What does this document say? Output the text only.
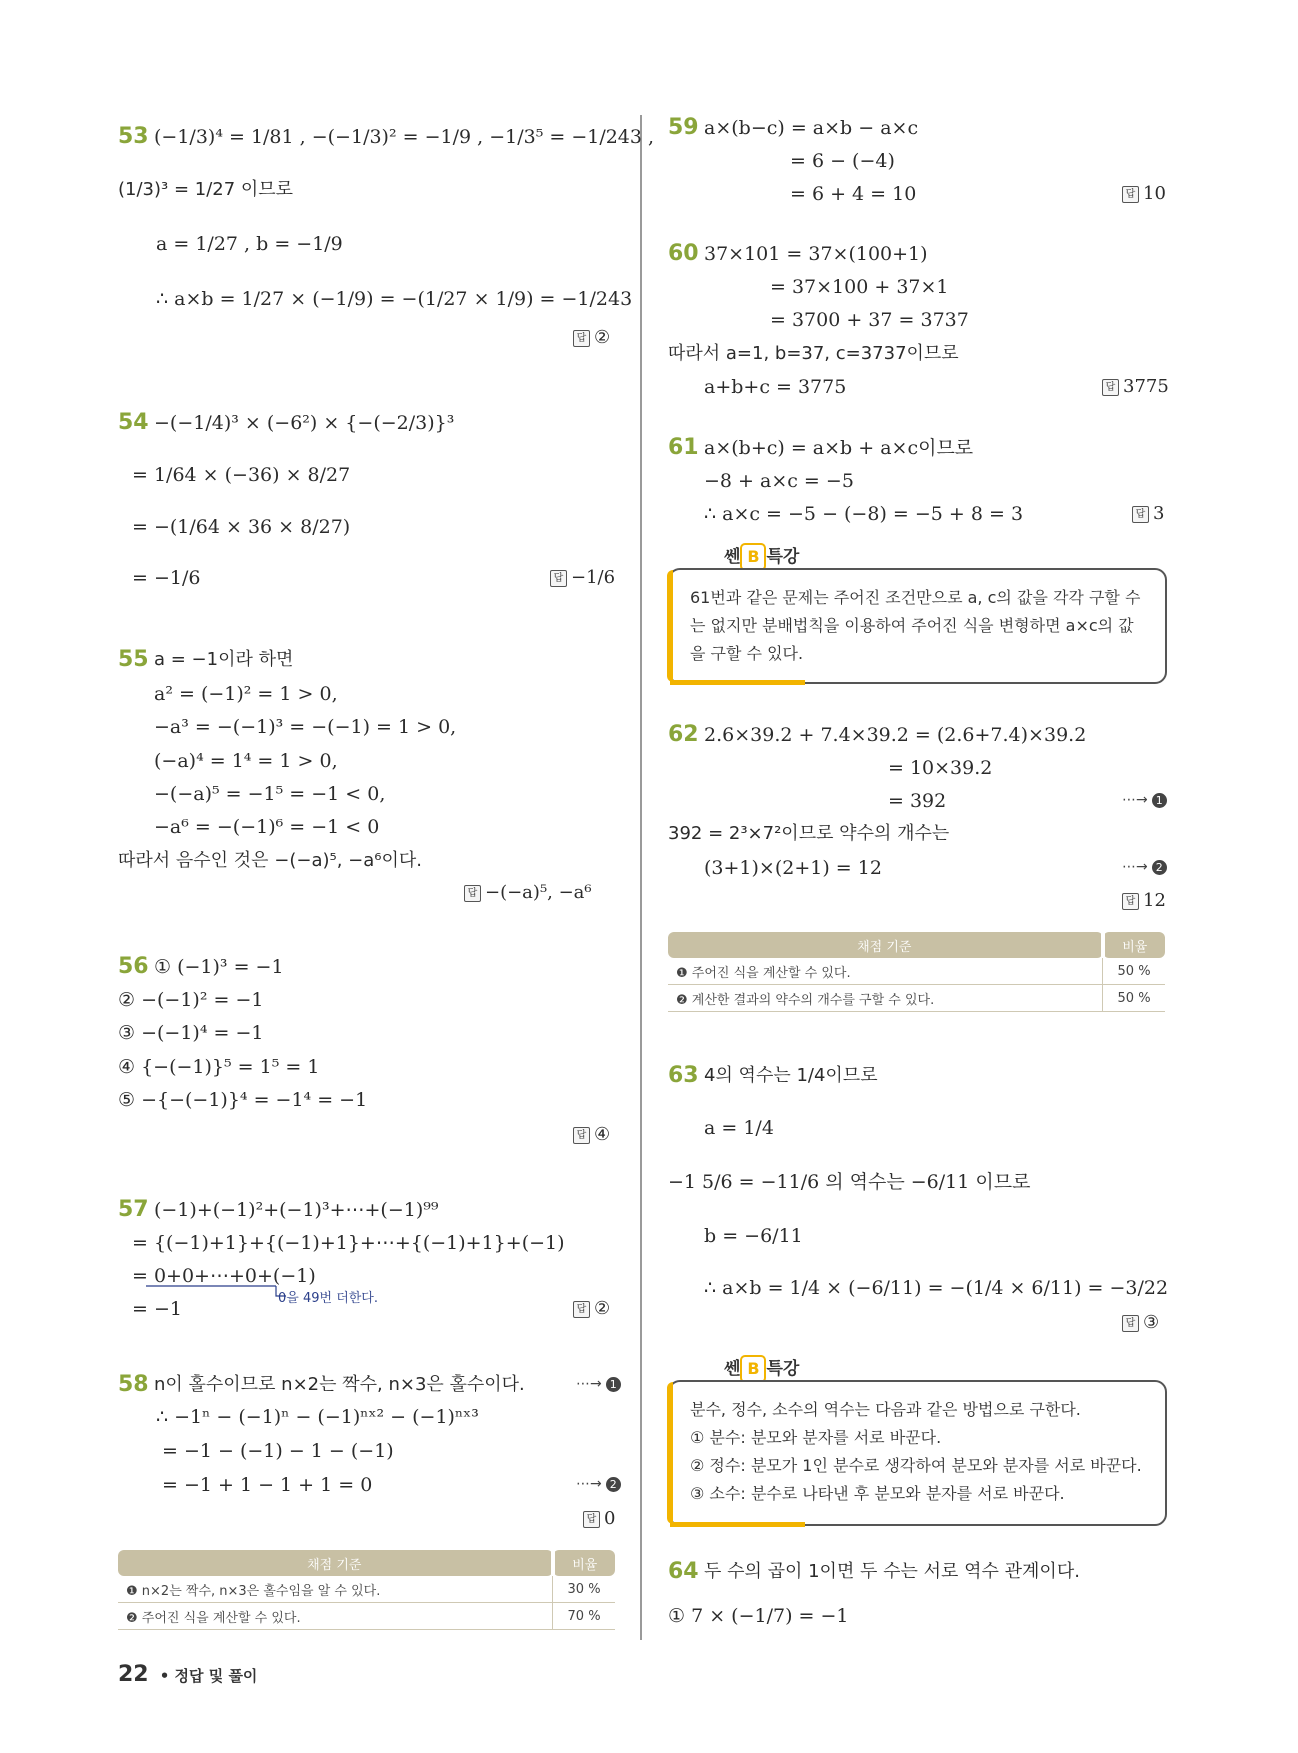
53 (−1/3)⁴ = 1/81 , −(−1/3)² = −1/9 , −1/3⁵ = −1/243 ,
(1/3)³ = 1/27 이므로
a = 1/27 , b = −1/9
∴ a×b = 1/27 × (−1/9) = −(1/27 × 1/9) = −1/243
답 ②
54 −(−1/4)³ × (−6²) × {−(−2/3)}³
= 1/64 × (−36) × 8/27
= −(1/64 × 36 × 8/27)
= −1/6	답 −1/6
55 a = −1이라 하면
a² = (−1)² = 1 > 0,
−a³ = −(−1)³ = −(−1) = 1 > 0,
(−a)⁴ = 1⁴ = 1 > 0,
−(−a)⁵ = −1⁵ = −1 < 0,
−a⁶ = −(−1)⁶ = −1 < 0
따라서 음수인 것은 −(−a)⁵, −a⁶이다.
답 −(−a)⁵, −a⁶
56 ① (−1)³ = −1
② −(−1)² = −1
③ −(−1)⁴ = −1
④ {−(−1)}⁵ = 1⁵ = 1
⑤ −{−(−1)}⁴ = −1⁴ = −1
답 ④
57 (−1)+(−1)²+(−1)³+⋯+(−1)⁹⁹
= {(−1)+1}+{(−1)+1}+⋯+{(−1)+1}+(−1)
= 0+0+⋯+0+(−1)
0을 49번 더한다.
= −1	답 ②
58 n이 홀수이므로 n×2는 짝수, n×3은 홀수이다.	⋯→ 1
∴ −1ⁿ − (−1)ⁿ − (−1)ⁿˣ² − (−1)ⁿˣ³
= −1 − (−1) − 1 − (−1)
= −1 + 1 − 1 + 1 = 0	⋯→ 2
답 0
채점 기준	비율
❶ n×2는 짝수, n×3은 홀수임을 알 수 있다.	30 %
❷ 주어진 식을 계산할 수 있다.	70 %
59 a×(b−c) = a×b − a×c
= 6 − (−4)
= 6 + 4 = 10	답 10
60 37×101 = 37×(100+1)
= 37×100 + 37×1
= 3700 + 37 = 3737
따라서 a=1, b=37, c=3737이므로
a+b+c = 3775	답 3775
61 a×(b+c) = a×b + a×c이므로
−8 + a×c = −5
∴ a×c = −5 − (−8) = −5 + 8 = 3	답 3
쎈 B 특강
61번과 같은 문제는 주어진 조건만으로 a, c의 값을 각각 구할 수
는 없지만 분배법칙을 이용하여 주어진 식을 변형하면 a×c의 값
을 구할 수 있다.
62 2.6×39.2 + 7.4×39.2 = (2.6+7.4)×39.2
= 10×39.2
= 392	⋯→ 1
392 = 2³×7²이므로 약수의 개수는
(3+1)×(2+1) = 12	⋯→ 2
답 12
채점 기준	비율
❶ 주어진 식을 계산할 수 있다.	50 %
❷ 계산한 결과의 약수의 개수를 구할 수 있다.	50 %
63 4의 역수는 1/4이므로
a = 1/4
−1 5/6 = −11/6 의 역수는 −6/11 이므로
b = −6/11
∴ a×b = 1/4 × (−6/11) = −(1/4 × 6/11) = −3/22
답 ③
쎈 B 특강
분수, 정수, 소수의 역수는 다음과 같은 방법으로 구한다.
① 분수: 분모와 분자를 서로 바꾼다.
② 정수: 분모가 1인 분수로 생각하여 분모와 분자를 서로 바꾼다.
③ 소수: 분수로 나타낸 후 분모와 분자를 서로 바꾼다.
64 두 수의 곱이 1이면 두 수는 서로 역수 관계이다.
① 7 × (−1/7) = −1
22 • 정답 및 풀이
